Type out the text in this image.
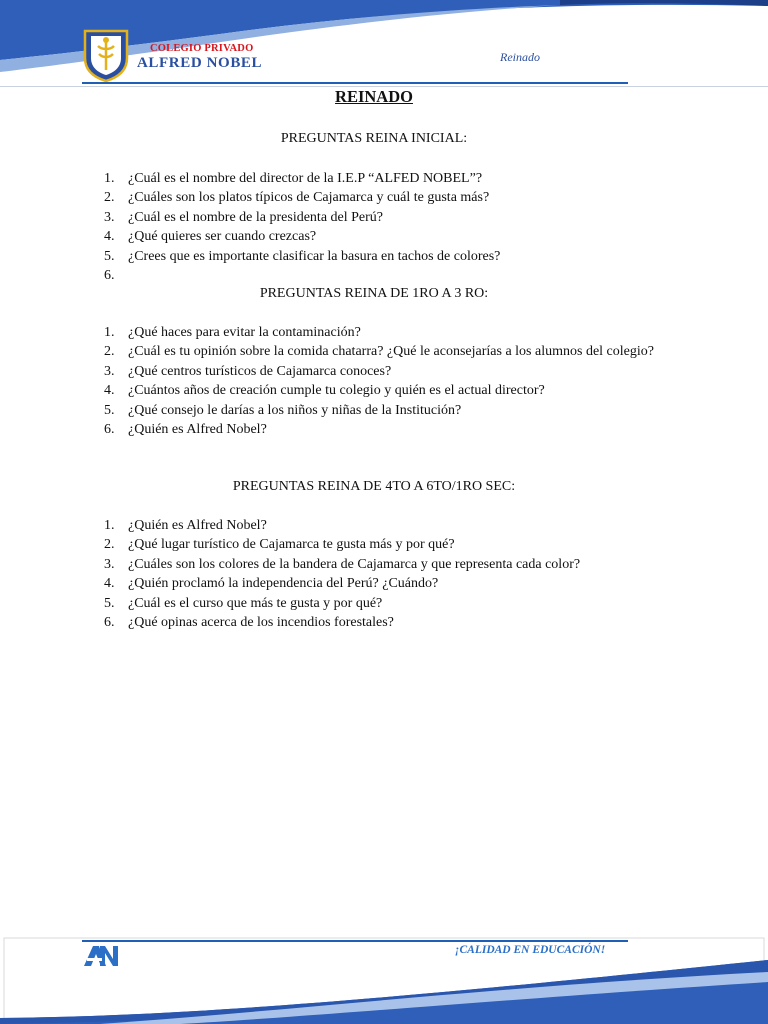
COLEGIO PRIVADO
ALFRED NOBEL	Reinado
REINADO
PREGUNTAS REINA INICIAL:
1. ¿Cuál es el nombre del director de la I.E.P “ALFED NOBEL”?
2. ¿Cuáles son los platos típicos de Cajamarca y cuál te gusta más?
3. ¿Cuál es el nombre de la presidenta del Perú?
4. ¿Qué quieres ser cuando crezcas?
5. ¿Crees que es importante clasificar la basura en tachos de colores?
6.
PREGUNTAS REINA DE 1RO A 3 RO:
1. ¿Qué haces para evitar la contaminación?
2. ¿Cuál es tu opinión sobre la comida chatarra? ¿Qué le aconsejarías a los alumnos del colegio?
3. ¿Qué centros turísticos de Cajamarca conoces?
4. ¿Cuántos años de creación cumple tu colegio y quién es el actual director?
5. ¿Qué consejo le darías a los niños y niñas de la Institución?
6. ¿Quién es Alfred Nobel?
PREGUNTAS REINA DE 4TO A 6TO/1RO SEC:
1. ¿Quién es Alfred Nobel?
2. ¿Qué lugar turístico de Cajamarca te gusta más y por qué?
3. ¿Cuáles son los colores de la bandera de Cajamarca y que representa cada color?
4. ¿Quién proclamó la independencia del Perú? ¿Cuándo?
5. ¿Cuál es el curso que más te gusta y por qué?
6. ¿Qué opinas acerca de los incendios forestales?
¡CALIDAD EN EDUCACIÓN!
